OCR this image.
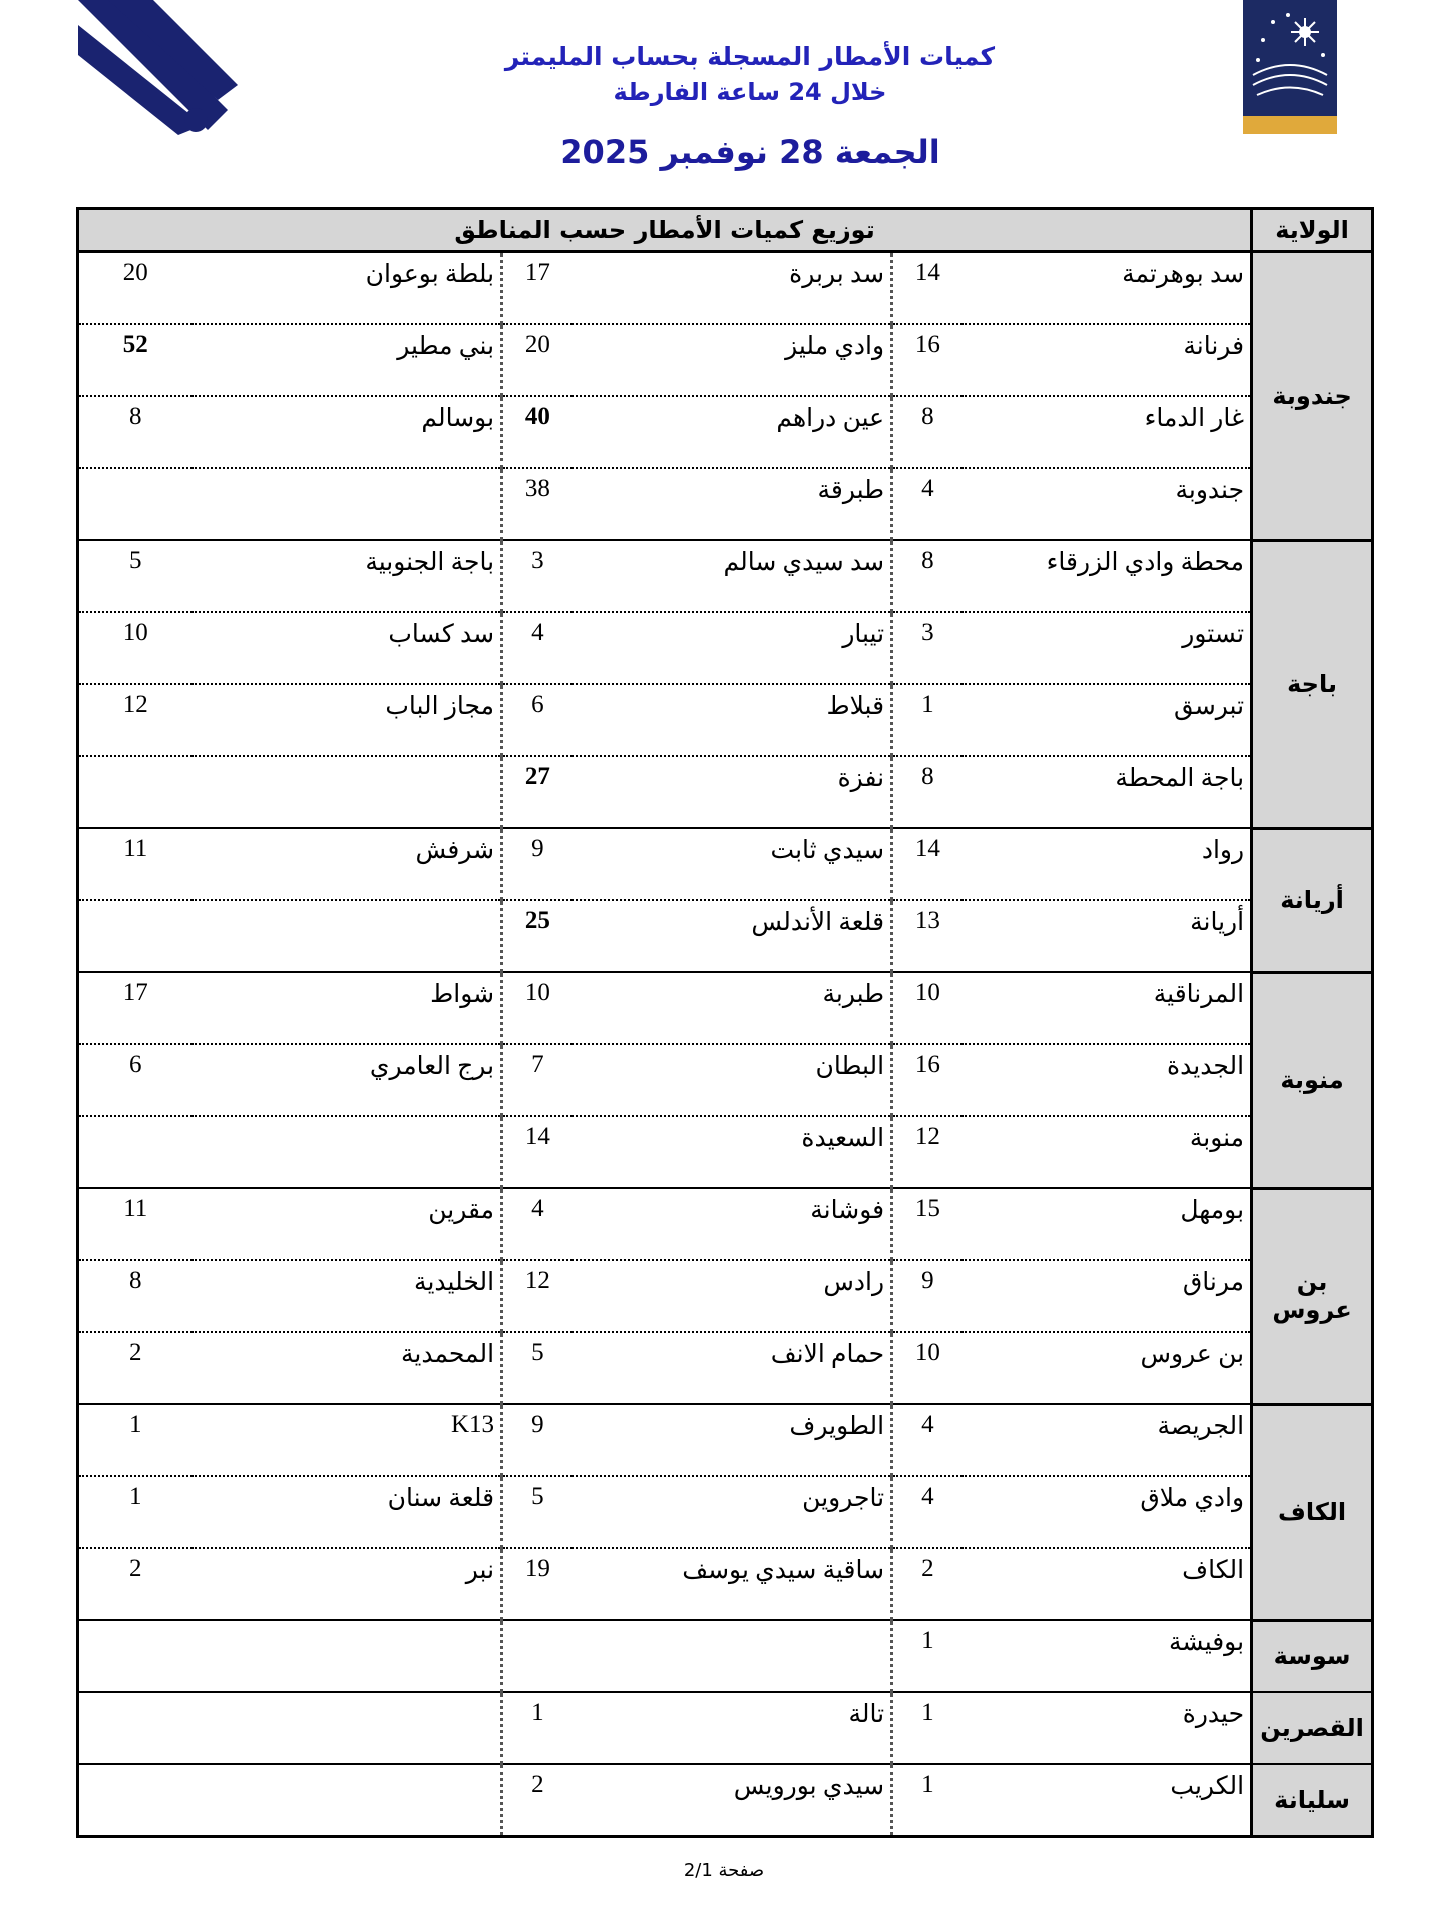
كميات الأمطار المسجلة بحساب المليمتر
خلال 24 ساعة الفارطة
الجمعة 28 نوفمبر 2025
الولاية	توزيع كميات الأمطار حسب المناطق					
جندوبة	سد بوهرتمة	14	سد بربرة	17	بلطة بوعوان	20
	فرنانة	16	وادي مليز	20	بني مطير	52
	غار الدماء	8	عين دراهم	40	بوسالم	8
	جندوبة	4	طبرقة	38		
باجة	محطة وادي الزرقاء	8	سد سيدي سالم	3	باجة الجنوبية	5
	تستور	3	تيبار	4	سد كساب	10
	تبرسق	1	قبلاط	6	مجاز الباب	12
	باجة المحطة	8	نفزة	27		
أريانة	رواد	14	سيدي ثابت	9	شرفش	11
	أريانة	13	قلعة الأندلس	25		
منوبة	المرناقية	10	طبربة	10	شواط	17
	الجديدة	16	البطان	7	برج العامري	6
	منوبة	12	السعيدة	14		
بن عروس	بومهل	15	فوشانة	4	مقرين	11
	مرناق	9	رادس	12	الخليدية	8
	بن عروس	10	حمام الانف	5	المحمدية	2
الكاف	الجريصة	4	الطويرف	9	K13	1
	وادي ملاق	4	تاجروين	5	قلعة سنان	1
	الكاف	2	ساقية سيدي يوسف	19	نبر	2
سوسة	بوفيشة	1				
القصرين	حيدرة	1	تالة	1		
سليانة	الكريب	1	سيدي بورويس	2		
صفحة 2/1
